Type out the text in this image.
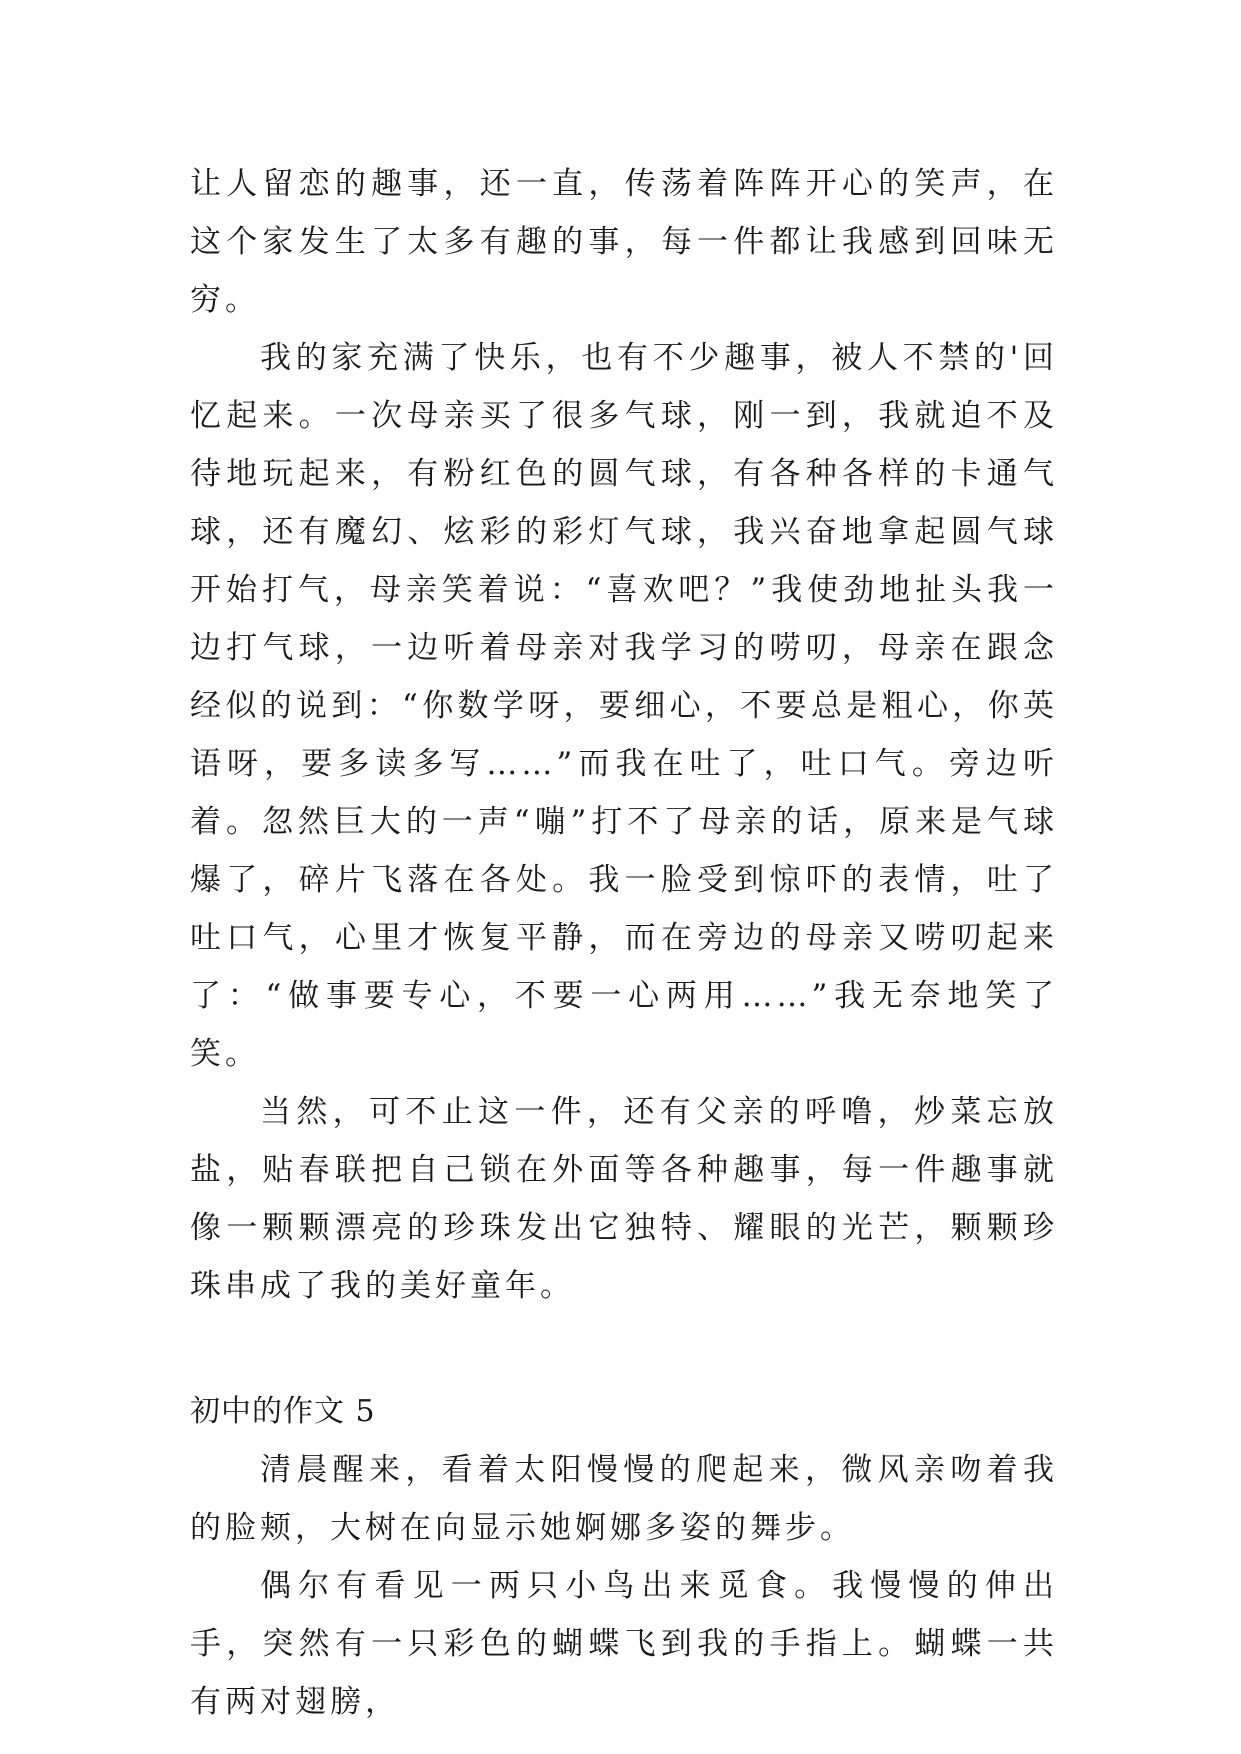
让人留恋的趣事，还一直，传荡着阵阵开心的笑声，在这个家发生了太多有趣的事，每一件都让我感到回味无穷。

我的家充满了快乐，也有不少趣事，被人不禁的'回忆起来。一次母亲买了很多气球，刚一到，我就迫不及待地玩起来，有粉红色的圆气球，有各种各样的卡通气球，还有魔幻、炫彩的彩灯气球，我兴奋地拿起圆气球开始打气，母亲笑着说：“喜欢吧？”我使劲地扯头我一边打气球，一边听着母亲对我学习的唠叨，母亲在跟念经似的说到：“你数学呀，要细心，不要总是粗心，你英语呀，要多读多写……”而我在吐了，吐口气。旁边听着。忽然巨大的一声“嘣”打不了母亲的话，原来是气球爆了，碎片飞落在各处。我一脸受到惊吓的表情，吐了吐口气，心里才恢复平静，而在旁边的母亲又唠叨起来了：“做事要专心，不要一心两用……”我无奈地笑了笑。

当然，可不止这一件，还有父亲的呼噜，炒菜忘放盐，贴春联把自己锁在外面等各种趣事，每一件趣事就像一颗颗漂亮的珍珠发出它独特、耀眼的光芒，颗颗珍珠串成了我的美好童年。

初中的作文 5

清晨醒来，看着太阳慢慢的爬起来，微风亲吻着我的脸颊，大树在向显示她婀娜多姿的舞步。

偶尔有看见一两只小鸟出来觅食。我慢慢的伸出手，突然有一只彩色的蝴蝶飞到我的手指上。蝴蝶一共有两对翅膀，
